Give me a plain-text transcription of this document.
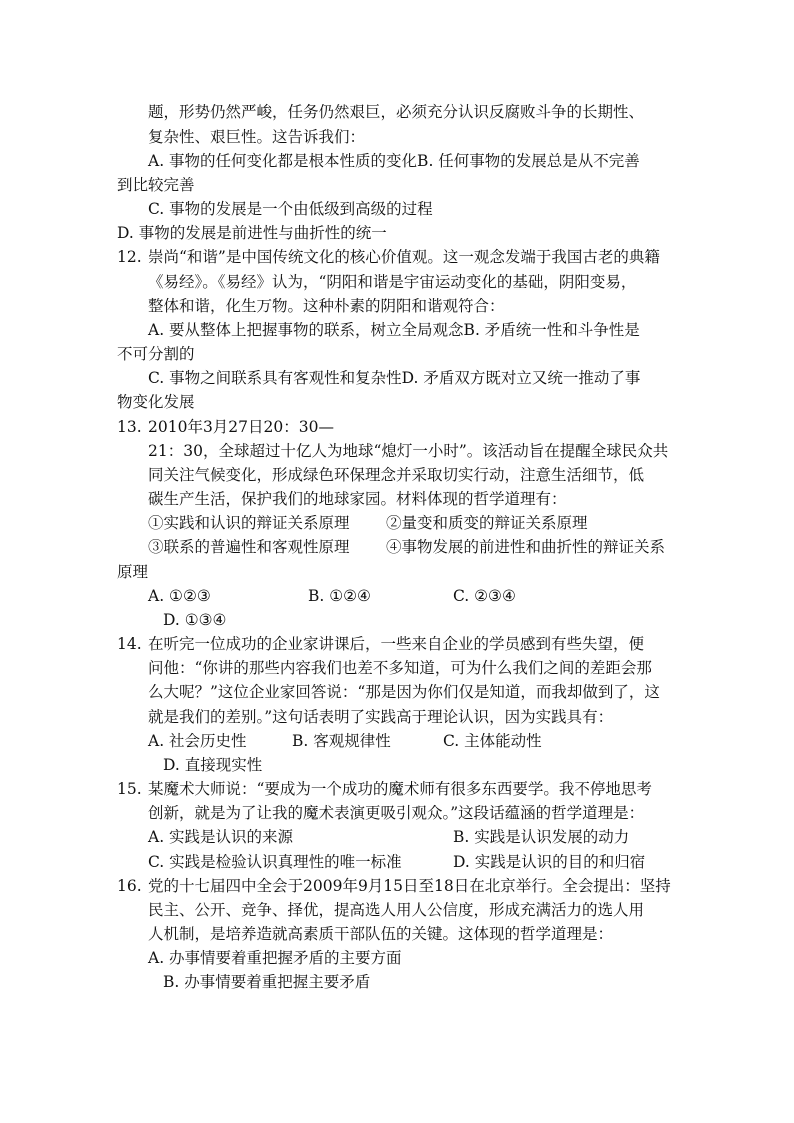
题，形势仍然严峻，任务仍然艰巨，必须充分认识反腐败斗争的长期性、
复杂性、艰巨性。这告诉我们：
A. 事物的任何变化都是根本性质的变化B. 任何事物的发展总是从不完善
到比较完善
C. 事物的发展是一个由低级到高级的过程
D. 事物的发展是前进性与曲折性的统一
12. 崇尚“和谐”是中国传统文化的核心价值观。这一观念发端于我国古老的典籍
《易经》。《易经》认为，“阴阳和谐是宇宙运动变化的基础，阴阳变易，
整体和谐，化生万物。这种朴素的阴阳和谐观符合：
A. 要从整体上把握事物的联系，树立全局观念B. 矛盾统一性和斗争性是
不可分割的
C. 事物之间联系具有客观性和复杂性D. 矛盾双方既对立又统一推动了事
物变化发展
13. 2010年3月27日20：30—
21：30，全球超过十亿人为地球“熄灯一小时”。该活动旨在提醒全球民众共
同关注气候变化，形成绿色环保理念并采取切实行动，注意生活细节，低
碳生产生活，保护我们的地球家园。材料体现的哲学道理有：
①实践和认识的辩证关系原理 ②量变和质变的辩证关系原理
③联系的普遍性和客观性原理 ④事物发展的前进性和曲折性的辩证关系
原理
A. ①②③	B. ①②④	C. ②③④
D. ①③④
14. 在听完一位成功的企业家讲课后，一些来自企业的学员感到有些失望，便
问他：“你讲的那些内容我们也差不多知道，可为什么我们之间的差距会那
么大呢？”这位企业家回答说：“那是因为你们仅是知道，而我却做到了，这
就是我们的差别。”这句话表明了实践高于理论认识，因为实践具有：
A. 社会历史性	B. 客观规律性	C. 主体能动性
D. 直接现实性
15. 某魔术大师说：“要成为一个成功的魔术师有很多东西要学。我不停地思考
创新，就是为了让我的魔术表演更吸引观众。”这段话蕴涵的哲学道理是：
A. 实践是认识的来源	B. 实践是认识发展的动力
C. 实践是检验认识真理性的唯一标准	D. 实践是认识的目的和归宿
16. 党的十七届四中全会于2009年9月15日至18日在北京举行。全会提出：坚持
民主、公开、竞争、择优，提高选人用人公信度，形成充满活力的选人用
人机制，是培养造就高素质干部队伍的关键。这体现的哲学道理是：
A. 办事情要着重把握矛盾的主要方面
B. 办事情要着重把握主要矛盾
